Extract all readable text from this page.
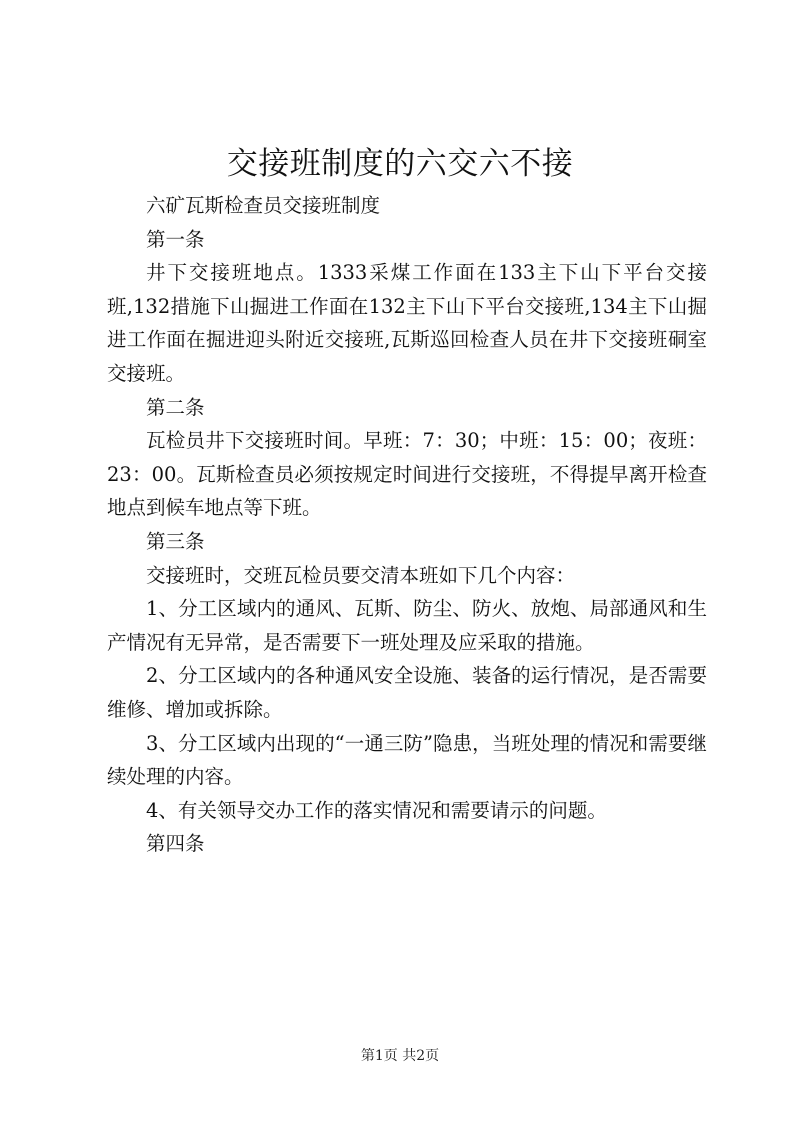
交接班制度的六交六不接

六矿瓦斯检查员交接班制度

第一条

井下交接班地点。1333采煤工作面在133主下山下平台交接班,132措施下山掘进工作面在132主下山下平台交接班,134主下山掘进工作面在掘进迎头附近交接班,瓦斯巡回检查人员在井下交接班硐室交接班。

第二条

瓦检员井下交接班时间。早班：7：30；中班：15：00；夜班：23：00。瓦斯检查员必须按规定时间进行交接班，不得提早离开检查地点到候车地点等下班。

第三条

交接班时，交班瓦检员要交清本班如下几个内容：

1、分工区域内的通风、瓦斯、防尘、防火、放炮、局部通风和生产情况有无异常，是否需要下一班处理及应采取的措施。

2、分工区域内的各种通风安全设施、装备的运行情况，是否需要维修、增加或拆除。

3、分工区域内出现的“一通三防”隐患，当班处理的情况和需要继续处理的内容。

4、有关领导交办工作的落实情况和需要请示的问题。

第四条

第1页 共2页
